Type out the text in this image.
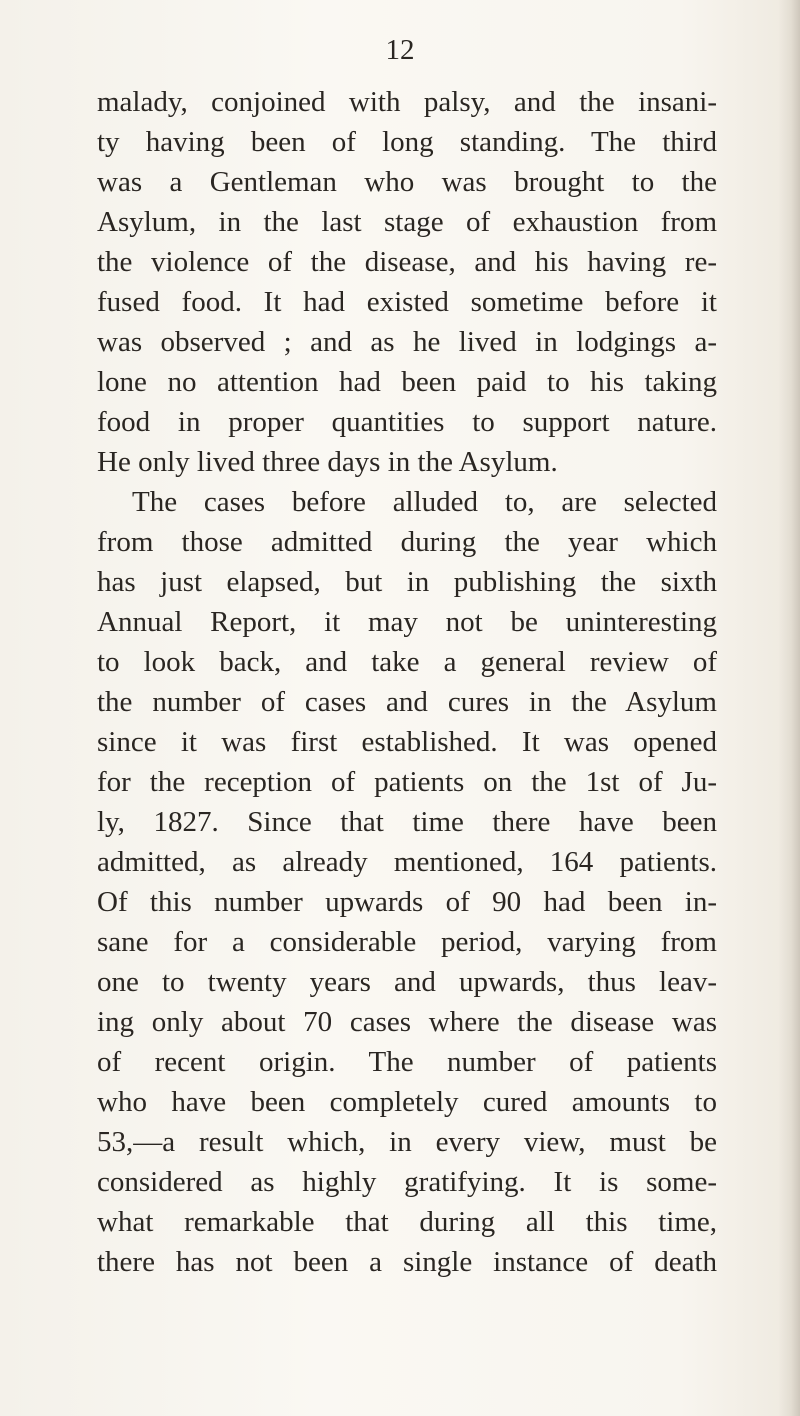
12
malady, conjoined with palsy, and the insani-
ty having been of long standing. The third
was a Gentleman who was brought to the
Asylum, in the last stage of exhaustion from
the violence of the disease, and his having re-
fused food. It had existed sometime before it
was observed ; and as he lived in lodgings a-
lone no attention had been paid to his taking
food in proper quantities to support nature.
He only lived three days in the Asylum.
The cases before alluded to, are selected
from those admitted during the year which
has just elapsed, but in publishing the sixth
Annual Report, it may not be uninteresting
to look back, and take a general review of
the number of cases and cures in the Asylum
since it was first established. It was opened
for the reception of patients on the 1st of Ju-
ly, 1827. Since that time there have been
admitted, as already mentioned, 164 patients.
Of this number upwards of 90 had been in-
sane for a considerable period, varying from
one to twenty years and upwards, thus leav-
ing only about 70 cases where the disease was
of recent origin. The number of patients
who have been completely cured amounts to
53,—a result which, in every view, must be
considered as highly gratifying. It is some-
what remarkable that during all this time,
there has not been a single instance of death
